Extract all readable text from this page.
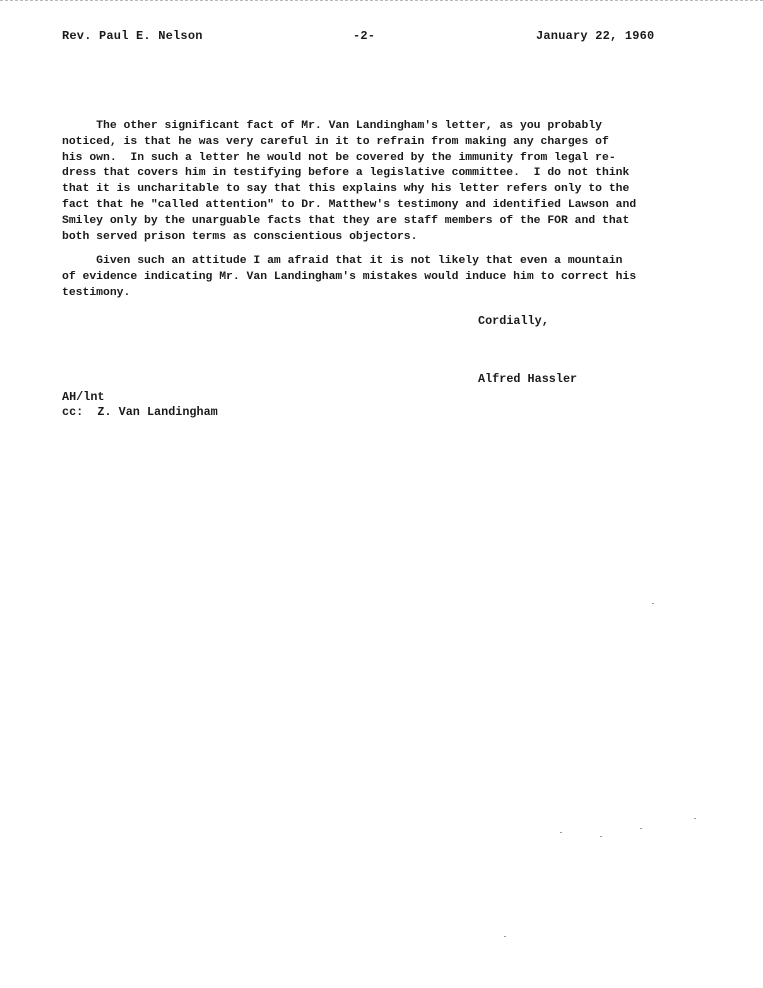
Rev. Paul E. Nelson	-2-	January 22, 1960
The other significant fact of Mr. Van Landingham's letter, as you probably
noticed, is that he was very careful in it to refrain from making any charges of
his own.  In such a letter he would not be covered by the immunity from legal re-
dress that covers him in testifying before a legislative committee.  I do not think
that it is uncharitable to say that this explains why his letter refers only to the
fact that he "called attention" to Dr. Matthew's testimony and identified Lawson and
Smiley only by the unarguable facts that they are staff members of the FOR and that
both served prison terms as conscientious objectors.
Given such an attitude I am afraid that it is not likely that even a mountain
of evidence indicating Mr. Van Landingham's mistakes would induce him to correct his
testimony.
Cordially,
Alfred Hassler
AH/lnt
cc:  Z. Van Landingham
